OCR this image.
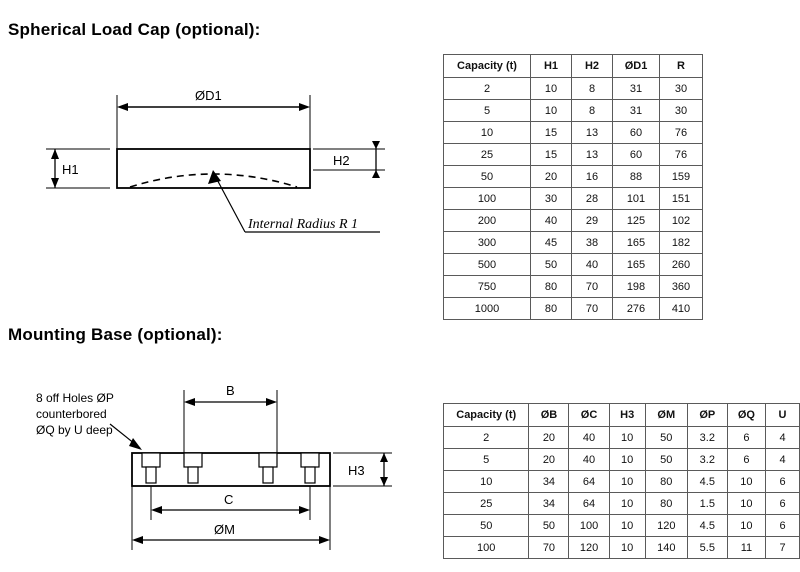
Spherical Load Cap (optional):
ØD1
H1
H2
Internal Radius R 1
Capacity (t)	H1	H2	ØD1	R
2	10	8	31	30
5	10	8	31	30
10	15	13	60	76
25	15	13	60	76
50	20	16	88	159
100	30	28	101	151
200	40	29	125	102
300	45	38	165	182
500	50	40	165	260
750	80	70	198	360
1000	80	70	276	410
Mounting Base (optional):
8 off Holes ØP
counterbored
ØQ by U deep
B
H3
C
ØM
Capacity (t)	ØB	ØC	H3	ØM	ØP	ØQ	U
2	20	40	10	50	3.2	6	4
5	20	40	10	50	3.2	6	4
10	34	64	10	80	4.5	10	6
25	34	64	10	80	1.5	10	6
50	50	100	10	120	4.5	10	6
100	70	120	10	140	5.5	11	7
